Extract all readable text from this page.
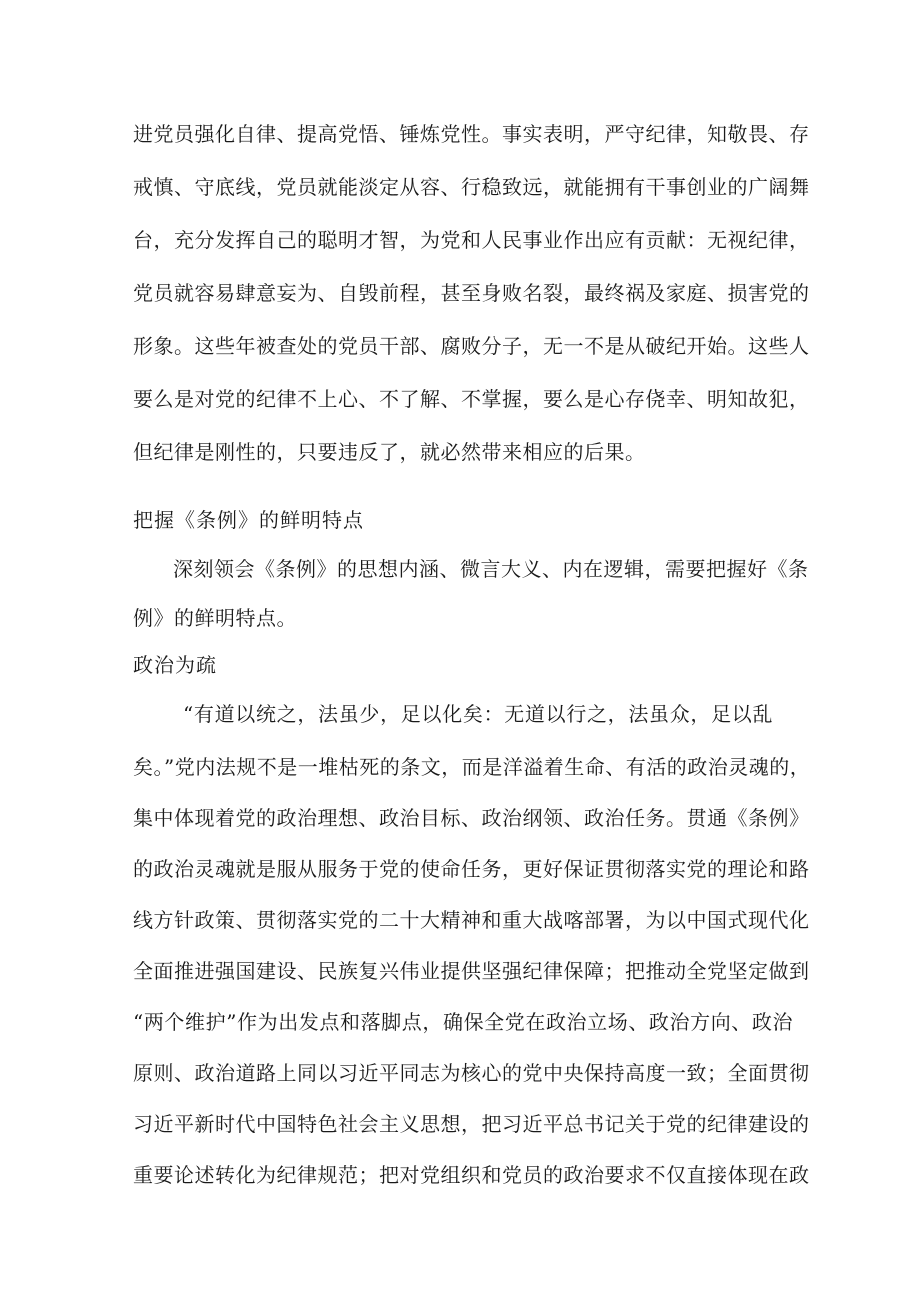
进党员强化自律、提高党悟、锤炼党性。事实表明，严守纪律，知敬畏、存
戒慎、守底线，党员就能淡定从容、行稳致远，就能拥有干事创业的广阔舞
台，充分发挥自己的聪明才智，为党和人民事业作出应有贡献：无视纪律，
党员就容易肆意妄为、自毁前程，甚至身败名裂，最终祸及家庭、损害党的
形象。这些年被查处的党员干部、腐败分子，无一不是从破纪开始。这些人
要么是对党的纪律不上心、不了解、不掌握，要么是心存侥幸、明知故犯，
但纪律是刚性的，只要违反了，就必然带来相应的后果。
把握《条例》的鲜明特点
深刻领会《条例》的思想内涵、微言大义、内在逻辑，需要把握好《条
例》的鲜明特点。
政治为疏
“有道以统之，法虽少，足以化矣：无道以行之，法虽众，足以乱
矣。”党内法规不是一堆枯死的条文，而是洋溢着生命、有活的政治灵魂的，
集中体现着党的政治理想、政治目标、政治纲领、政治任务。贯通《条例》
的政治灵魂就是服从服务于党的使命任务，更好保证贯彻落实党的理论和路
线方针政策、贯彻落实党的二十大精神和重大战喀部署，为以中国式现代化
全面推进强国建设、民族复兴伟业提供坚强纪律保障；把推动全党坚定做到
“两个维护”作为出发点和落脚点，确保全党在政治立场、政治方向、政治
原则、政治道路上同以习近平同志为核心的党中央保持高度一致；全面贯彻
习近平新时代中国特色社会主义思想，把习近平总书记关于党的纪律建设的
重要论述转化为纪律规范；把对党组织和党员的政治要求不仅直接体现在政
